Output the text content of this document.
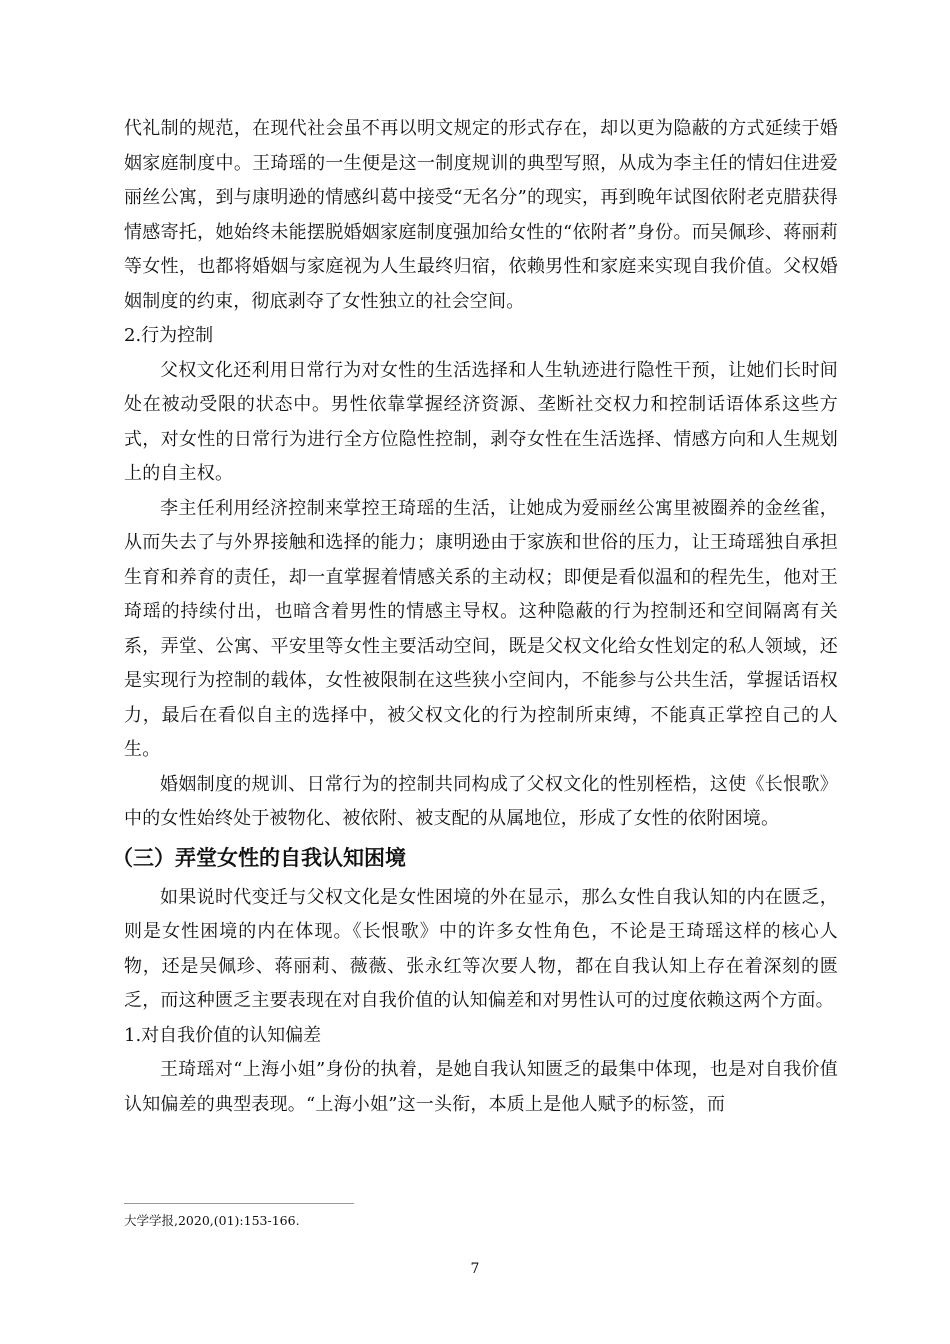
代礼制的规范，在现代社会虽不再以明文规定的形式存在，却以更为隐蔽的方式延续于婚姻家庭制度中。王琦瑶的一生便是这一制度规训的典型写照，从成为李主任的情妇住进爱丽丝公寓，到与康明逊的情感纠葛中接受“无名分”的现实，再到晚年试图依附老克腊获得情感寄托，她始终未能摆脱婚姻家庭制度强加给女性的“依附者”身份。而吴佩珍、蒋丽莉等女性，也都将婚姻与家庭视为人生最终归宿，依赖男性和家庭来实现自我价值。父权婚姻制度的约束，彻底剥夺了女性独立的社会空间。

2.行为控制

父权文化还利用日常行为对女性的生活选择和人生轨迹进行隐性干预，让她们长时间处在被动受限的状态中。男性依靠掌握经济资源、垄断社交权力和控制话语体系这些方式，对女性的日常行为进行全方位隐性控制，剥夺女性在生活选择、情感方向和人生规划上的自主权。

李主任利用经济控制来掌控王琦瑶的生活，让她成为爱丽丝公寓里被圈养的金丝雀，从而失去了与外界接触和选择的能力；康明逊由于家族和世俗的压力，让王琦瑶独自承担生育和养育的责任，却一直掌握着情感关系的主动权；即便是看似温和的程先生，他对王琦瑶的持续付出，也暗含着男性的情感主导权。这种隐蔽的行为控制还和空间隔离有关系，弄堂、公寓、平安里等女性主要活动空间，既是父权文化给女性划定的私人领域，还是实现行为控制的载体，女性被限制在这些狭小空间内，不能参与公共生活，掌握话语权力，最后在看似自主的选择中，被父权文化的行为控制所束缚，不能真正掌控自己的人生。

婚姻制度的规训、日常行为的控制共同构成了父权文化的性别桎梏，这使《长恨歌》中的女性始终处于被物化、被依附、被支配的从属地位，形成了女性的依附困境。

（三）弄堂女性的自我认知困境

如果说时代变迁与父权文化是女性困境的外在显示，那么女性自我认知的内在匮乏，则是女性困境的内在体现。《长恨歌》中的许多女性角色，不论是王琦瑶这样的核心人物，还是吴佩珍、蒋丽莉、薇薇、张永红等次要人物，都在自我认知上存在着深刻的匮乏，而这种匮乏主要表现在对自我价值的认知偏差和对男性认可的过度依赖这两个方面。

1.对自我价值的认知偏差

王琦瑶对“上海小姐”身份的执着，是她自我认知匮乏的最集中体现，也是对自我价值认知偏差的典型表现。“上海小姐”这一头衔，本质上是他人赋予的标签，而

大学学报,2020,(01):153-166.
7
